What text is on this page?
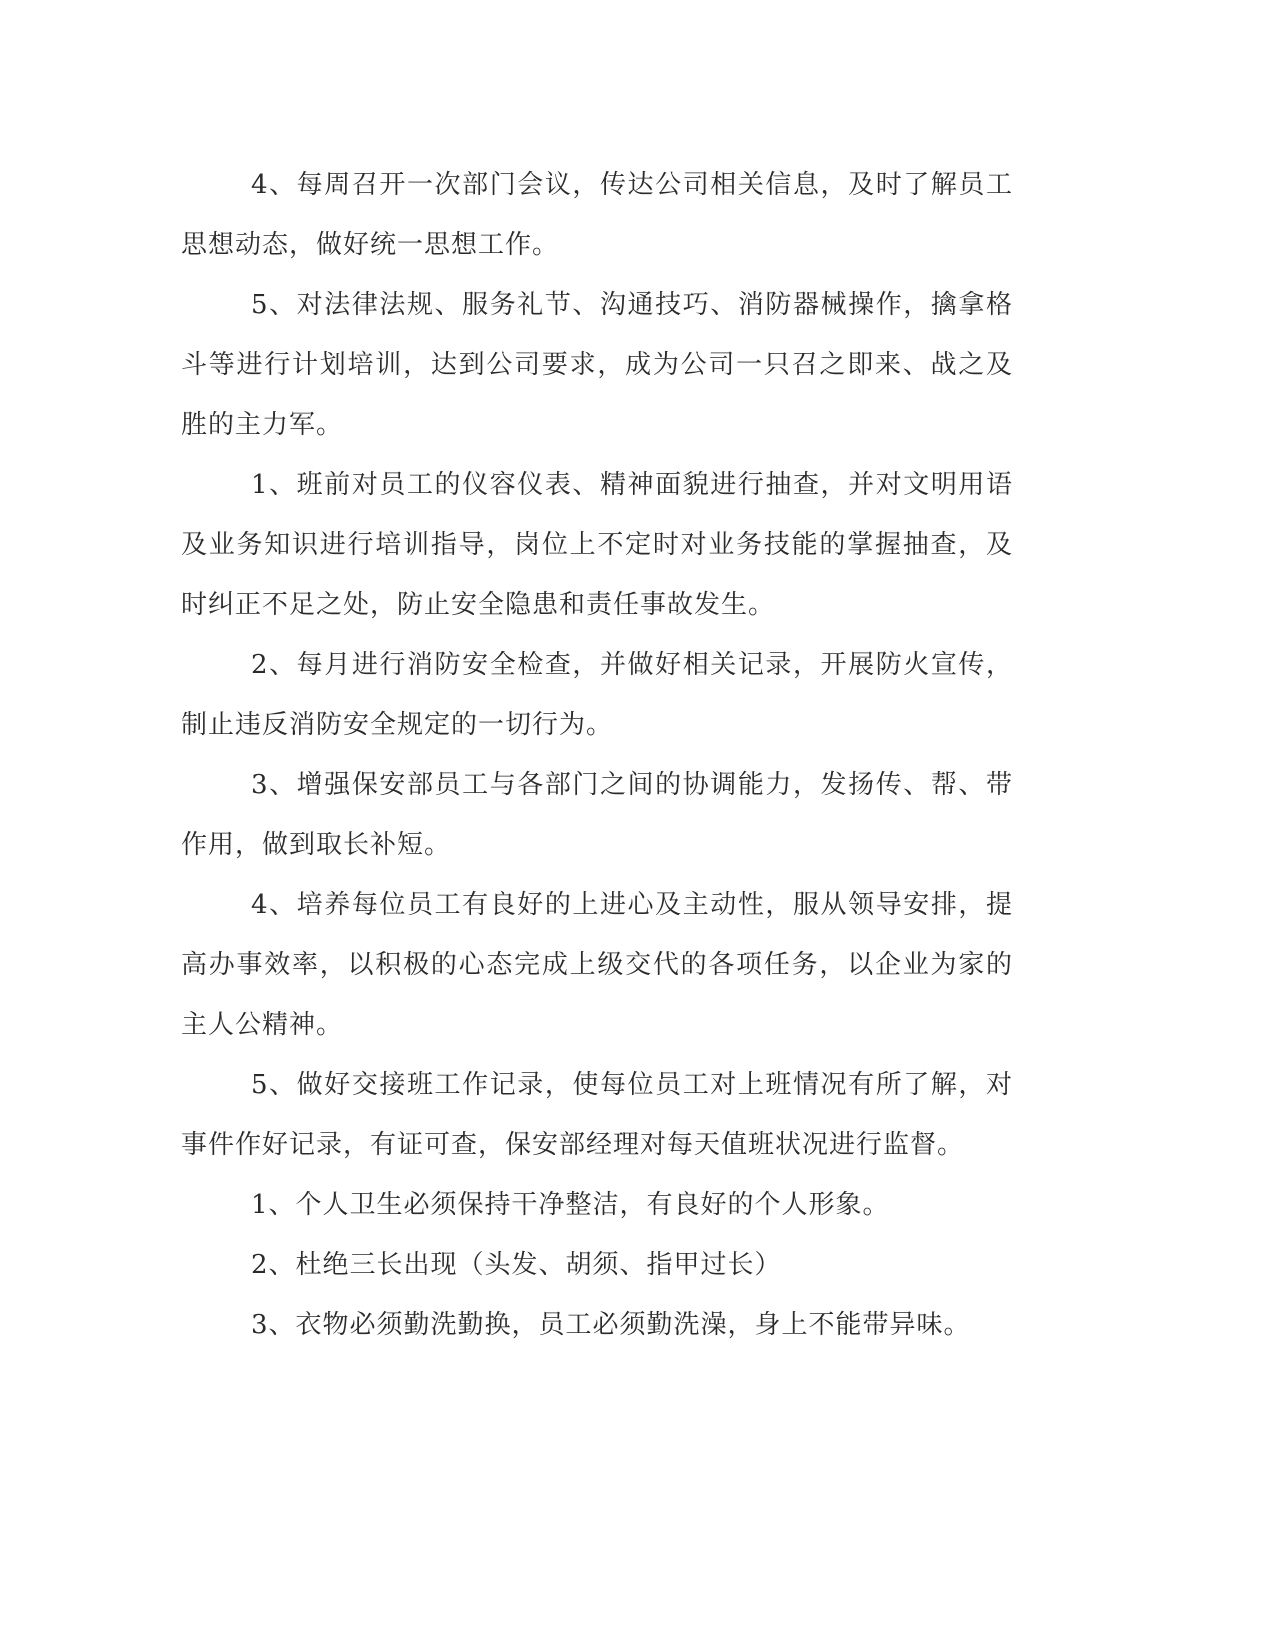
4、每周召开一次部门会议，传达公司相关信息，及时了解员工思想动态，做好统一思想工作。

5、对法律法规、服务礼节、沟通技巧、消防器械操作，擒拿格斗等进行计划培训，达到公司要求，成为公司一只召之即来、战之及胜的主力军。

1、班前对员工的仪容仪表、精神面貌进行抽查，并对文明用语及业务知识进行培训指导，岗位上不定时对业务技能的掌握抽查，及时纠正不足之处，防止安全隐患和责任事故发生。

2、每月进行消防安全检查，并做好相关记录，开展防火宣传，制止违反消防安全规定的一切行为。

3、增强保安部员工与各部门之间的协调能力，发扬传、帮、带作用，做到取长补短。

4、培养每位员工有良好的上进心及主动性，服从领导安排，提高办事效率，以积极的心态完成上级交代的各项任务，以企业为家的主人公精神。

5、做好交接班工作记录，使每位员工对上班情况有所了解，对事件作好记录，有证可查，保安部经理对每天值班状况进行监督。

1、个人卫生必须保持干净整洁，有良好的个人形象。

2、杜绝三长出现（头发、胡须、指甲过长）

3、衣物必须勤洗勤换，员工必须勤洗澡，身上不能带异味。
